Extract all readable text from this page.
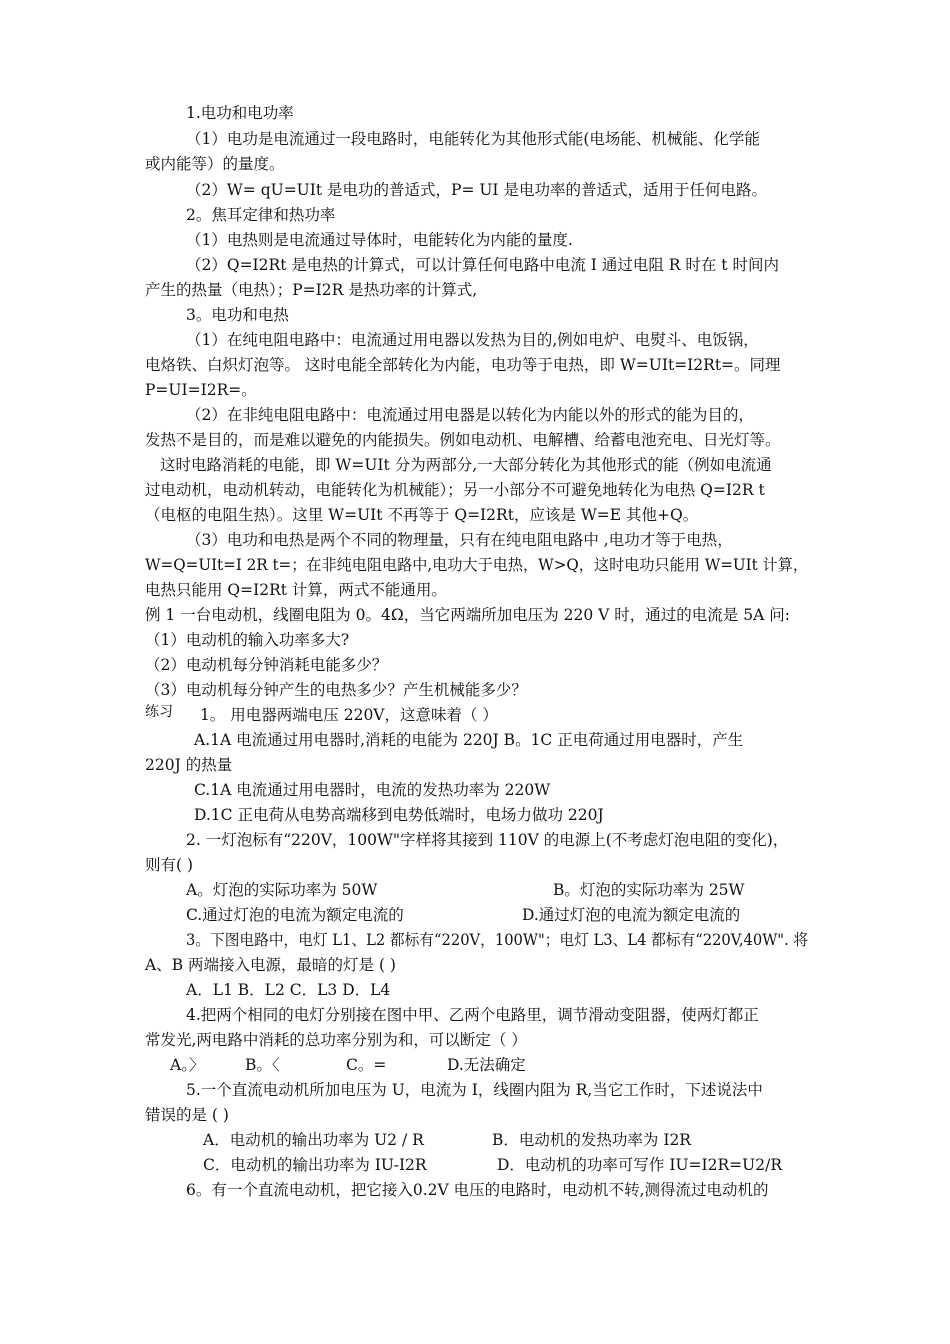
1.电功和电功率
（1）电功是电流通过一段电路时，电能转化为其他形式能(电场能、机械能、化学能
或内能等）的量度。
（2）W= qU=UIt 是电功的普适式，P= UI 是电功率的普适式，适用于任何电路。
2。焦耳定律和热功率
（1）电热则是电流通过导体时，电能转化为内能的量度.
（2）Q=I2Rt 是电热的计算式，可以计算任何电路中电流 I 通过电阻 R 时在 t 时间内
产生的热量（电热）；P=I2R 是热功率的计算式,
3。电功和电热
（1）在纯电阻电路中：电流通过用电器以发热为目的,例如电炉、电熨斗、电饭锅，
电烙铁、白炽灯泡等。 这时电能全部转化为内能，电功等于电热，即 W=UIt=I2Rt=。同理
P=UI=I2R=。
（2）在非纯电阻电路中：电流通过用电器是以转化为内能以外的形式的能为目的，
发热不是目的，而是难以避免的内能损失。例如电动机、电解槽、给蓄电池充电、日光灯等。
这时电路消耗的电能，即 W=UIt 分为两部分,一大部分转化为其他形式的能（例如电流通
过电动机，电动机转动，电能转化为机械能）；另一小部分不可避免地转化为电热 Q=I2R t
（电枢的电阻生热）。这里 W=UIt 不再等于 Q=I2Rt，应该是 W=E 其他+Q。
（3）电功和电热是两个不同的物理量，只有在纯电阻电路中 ,电功才等于电热，
W=Q=UIt=I 2R t=；在非纯电阻电路中,电功大于电热，W>Q，这时电功只能用 W=UIt 计算，
电热只能用 Q=I2Rt 计算，两式不能通用。
例 1 一台电动机，线圈电阻为 0。4Ω，当它两端所加电压为 220 V 时，通过的电流是 5A 问:
（1）电动机的输入功率多大?
（2）电动机每分钟消耗电能多少？
（3）电动机每分钟产生的电热多少？产生机械能多少？
练习 1。 用电器两端电压 220V，这意味着（ ）
A.1A 电流通过用电器时,消耗的电能为 220J B。1C 正电荷通过用电器时，产生
220J 的热量
C.1A 电流通过用电器时，电流的发热功率为 220W
D.1C 正电荷从电势高端移到电势低端时，电场力做功 220J
2. 一灯泡标有“220V，100W"字样将其接到 110V 的电源上(不考虑灯泡电阻的变化)，
则有( )
A。灯泡的实际功率为 50W	B。灯泡的实际功率为 25W
C.通过灯泡的电流为额定电流的	D.通过灯泡的电流为额定电流的
3。下图电路中，电灯 L1、L2 都标有“220V，100W"；电灯 L3、L4 都标有“220V,40W". 将
A、B 两端接入电源，最暗的灯是 ( )
A．L1 B．L2 C．L3 D．L4
4.把两个相同的电灯分别接在图中甲、乙两个电路里，调节滑动变阻器，使两灯都正
常发光,两电路中消耗的总功率分别为和，可以断定（ ）
A。〉	B。〈	C。=	D.无法确定
5.一个直流电动机所加电压为 U，电流为 I，线圈内阻为 R,当它工作时，下述说法中
错误的是 ( )
A．电动机的输出功率为 U2 / R	B．电动机的发热功率为 I2R
C．电动机的输出功率为 IU-I2R	D．电动机的功率可写作 IU=I2R=U2/R
6。有一个直流电动机，把它接入0.2V 电压的电路时，电动机不转,测得流过电动机的
